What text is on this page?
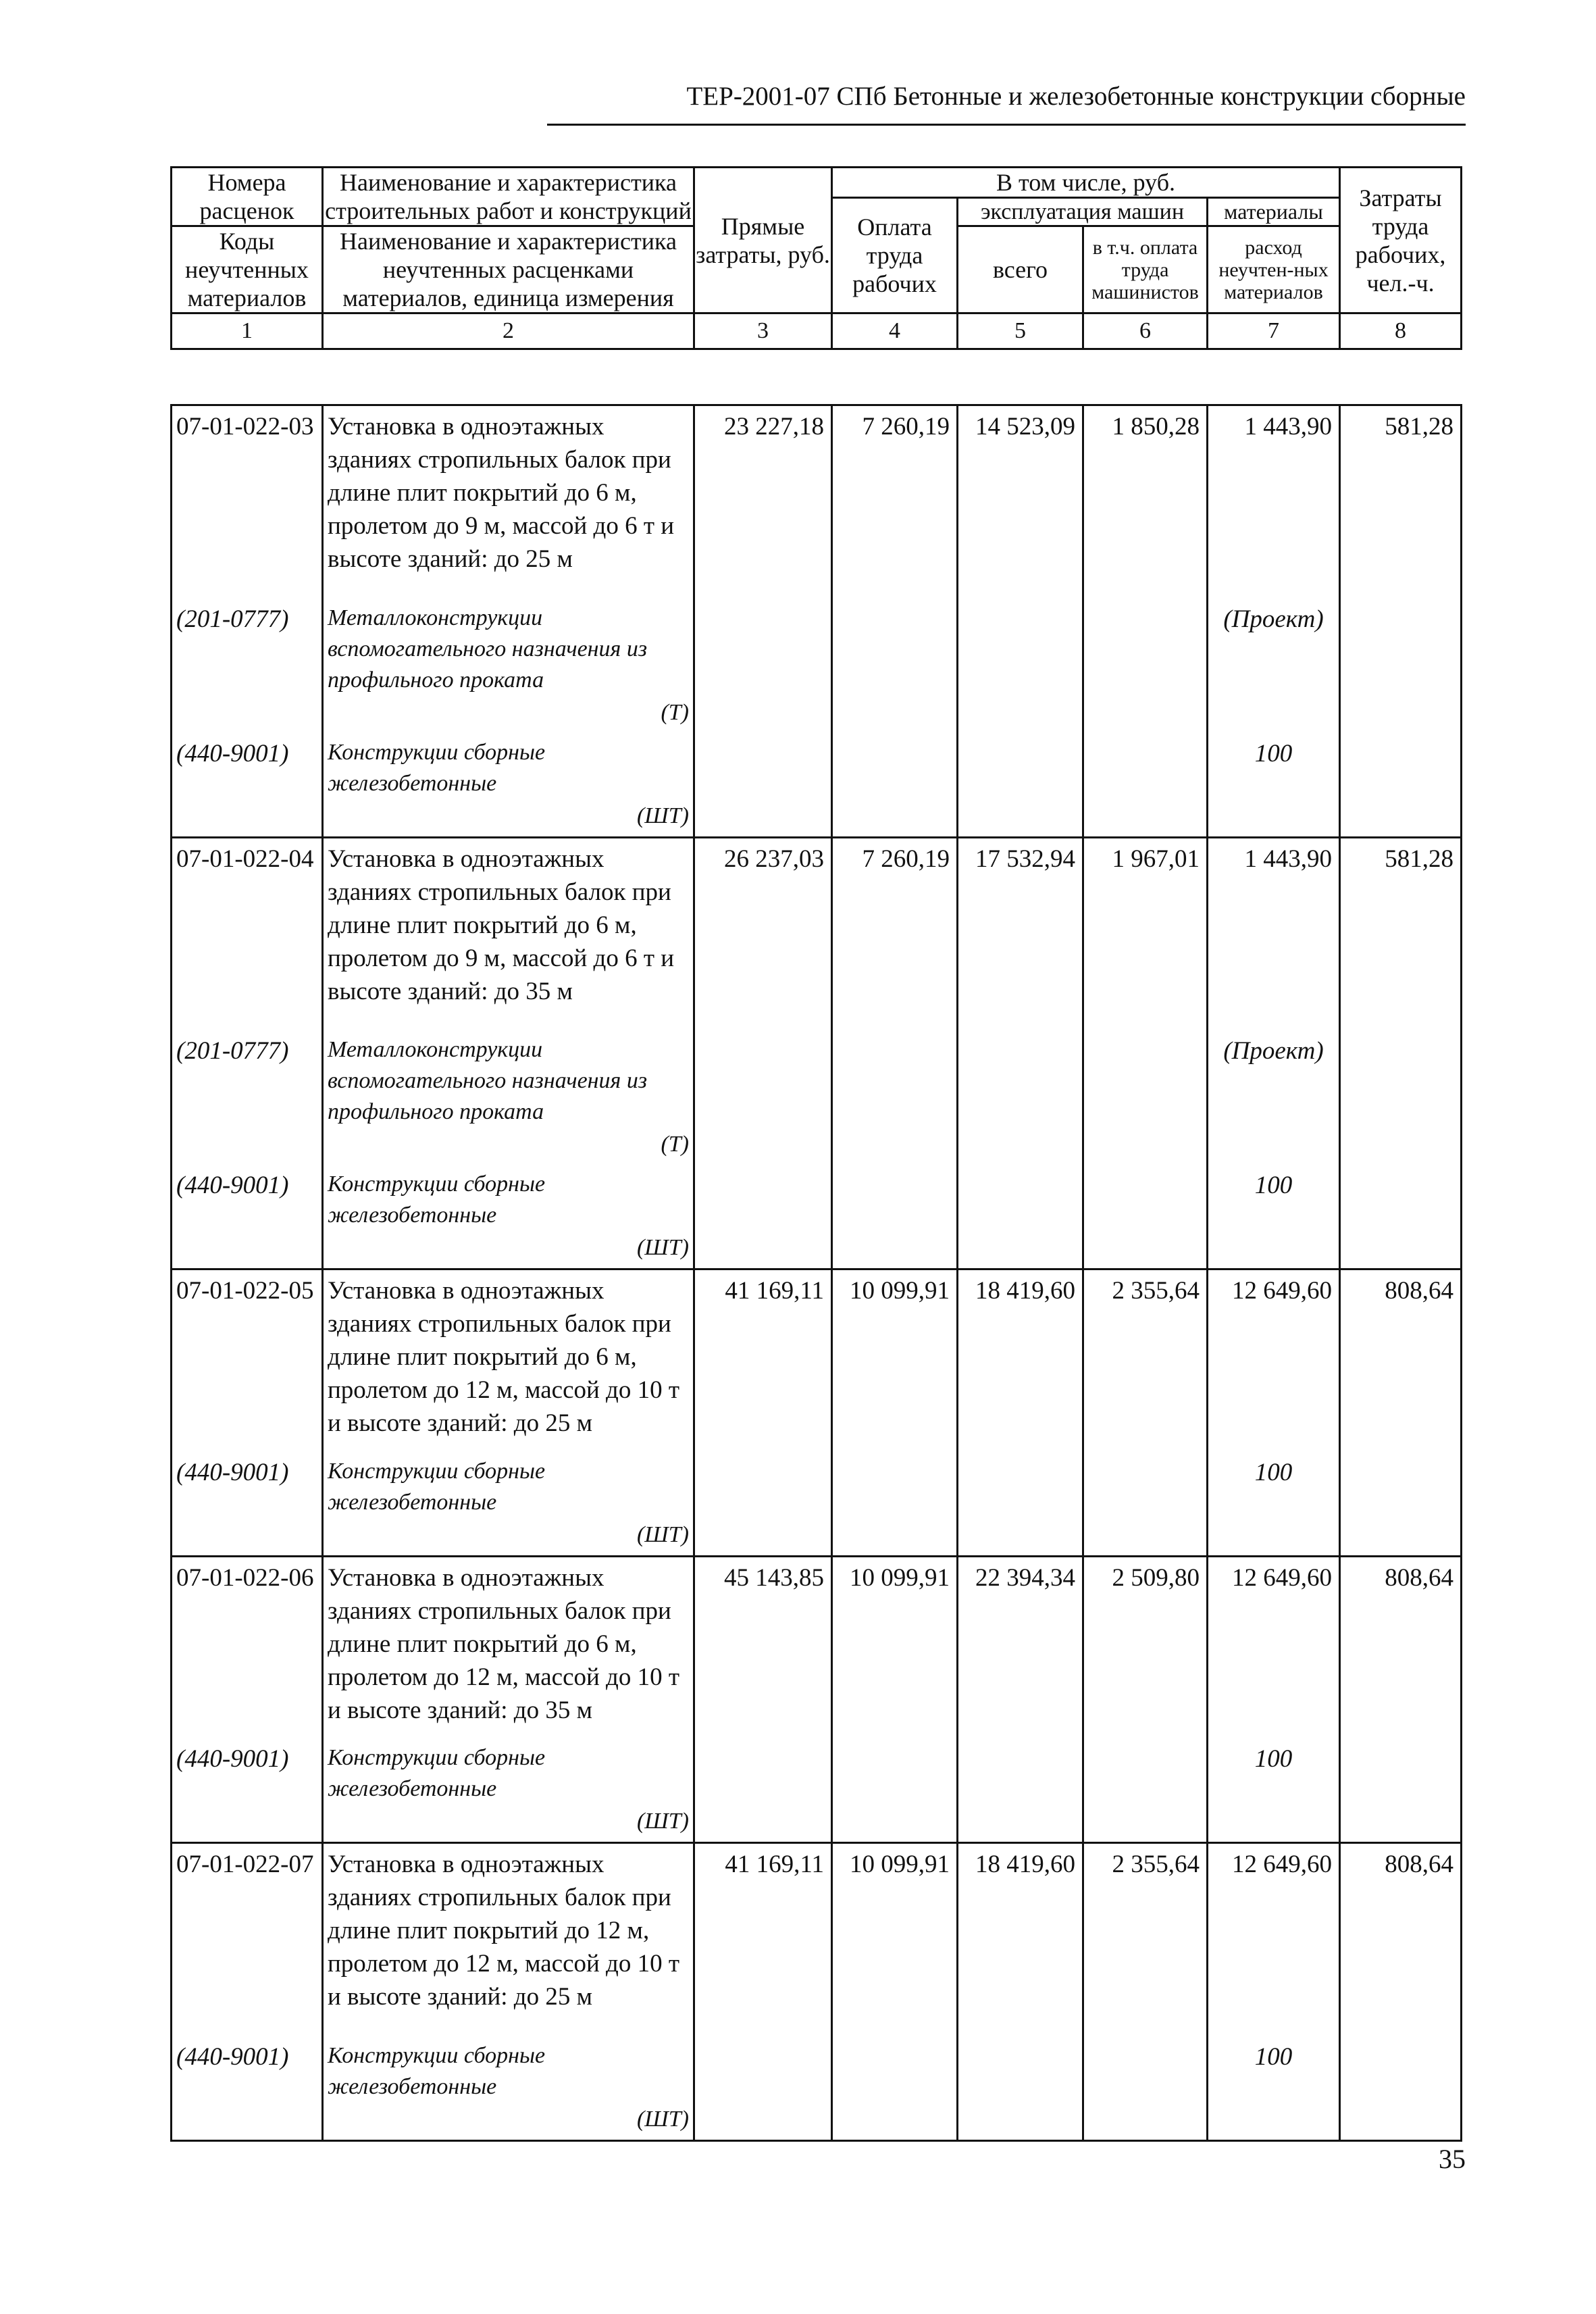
ТЕР-2001-07 СПб Бетонные и железобетонные конструкции сборные
Номера расценок	Наименование и характеристика строительных работ и конструкций	Прямые затраты, руб.	В том числе, руб.				Затраты труда рабочих, чел.-ч.
			Оплата труда рабочих	эксплуатация машин		материалы	
Коды неучтенных материалов	Наименование и характеристика неучтенных расценками материалов, единица измерения			всего	в т.ч. оплата труда машинистов	расход неучтен-ных материалов	

1	2	3	4	5	6	7	8
07-01-022-03	Установка в одноэтажных зданиях стропильных балок при длине плит покрытий до 6 м, пролетом до 9 м, массой до 6 т и высоте зданий: до 25 м	23 227,18	7 260,19	14 523,09	1 850,28	1 443,90	581,28
(201-0777)	Металлоконструкции вспомогательного назначения из профильного проката
(Т)					(Проект)	
(440-9001)	Конструкции сборные железобетонные
(ШТ)					100	
07-01-022-04	Установка в одноэтажных зданиях стропильных балок при длине плит покрытий до 6 м, пролетом до 9 м, массой до 6 т и высоте зданий: до 35 м	26 237,03	7 260,19	17 532,94	1 967,01	1 443,90	581,28
(201-0777)	Металлоконструкции вспомогательного назначения из профильного проката
(Т)					(Проект)	
(440-9001)	Конструкции сборные железобетонные
(ШТ)					100	
07-01-022-05	Установка в одноэтажных зданиях стропильных балок при длине плит покрытий до 6 м, пролетом до 12 м, массой до 10 т и высоте зданий: до 25 м	41 169,11	10 099,91	18 419,60	2 355,64	12 649,60	808,64
(440-9001)	Конструкции сборные железобетонные
(ШТ)					100	
07-01-022-06	Установка в одноэтажных зданиях стропильных балок при длине плит покрытий до 6 м, пролетом до 12 м, массой до 10 т и высоте зданий: до 35 м	45 143,85	10 099,91	22 394,34	2 509,80	12 649,60	808,64
(440-9001)	Конструкции сборные железобетонные
(ШТ)					100	
07-01-022-07	Установка в одноэтажных зданиях стропильных балок при длине плит покрытий до 12 м, пролетом до 12 м, массой до 10 т и высоте зданий: до 25 м	41 169,11	10 099,91	18 419,60	2 355,64	12 649,60	808,64
(440-9001)	Конструкции сборные железобетонные
(ШТ)					100	
35
